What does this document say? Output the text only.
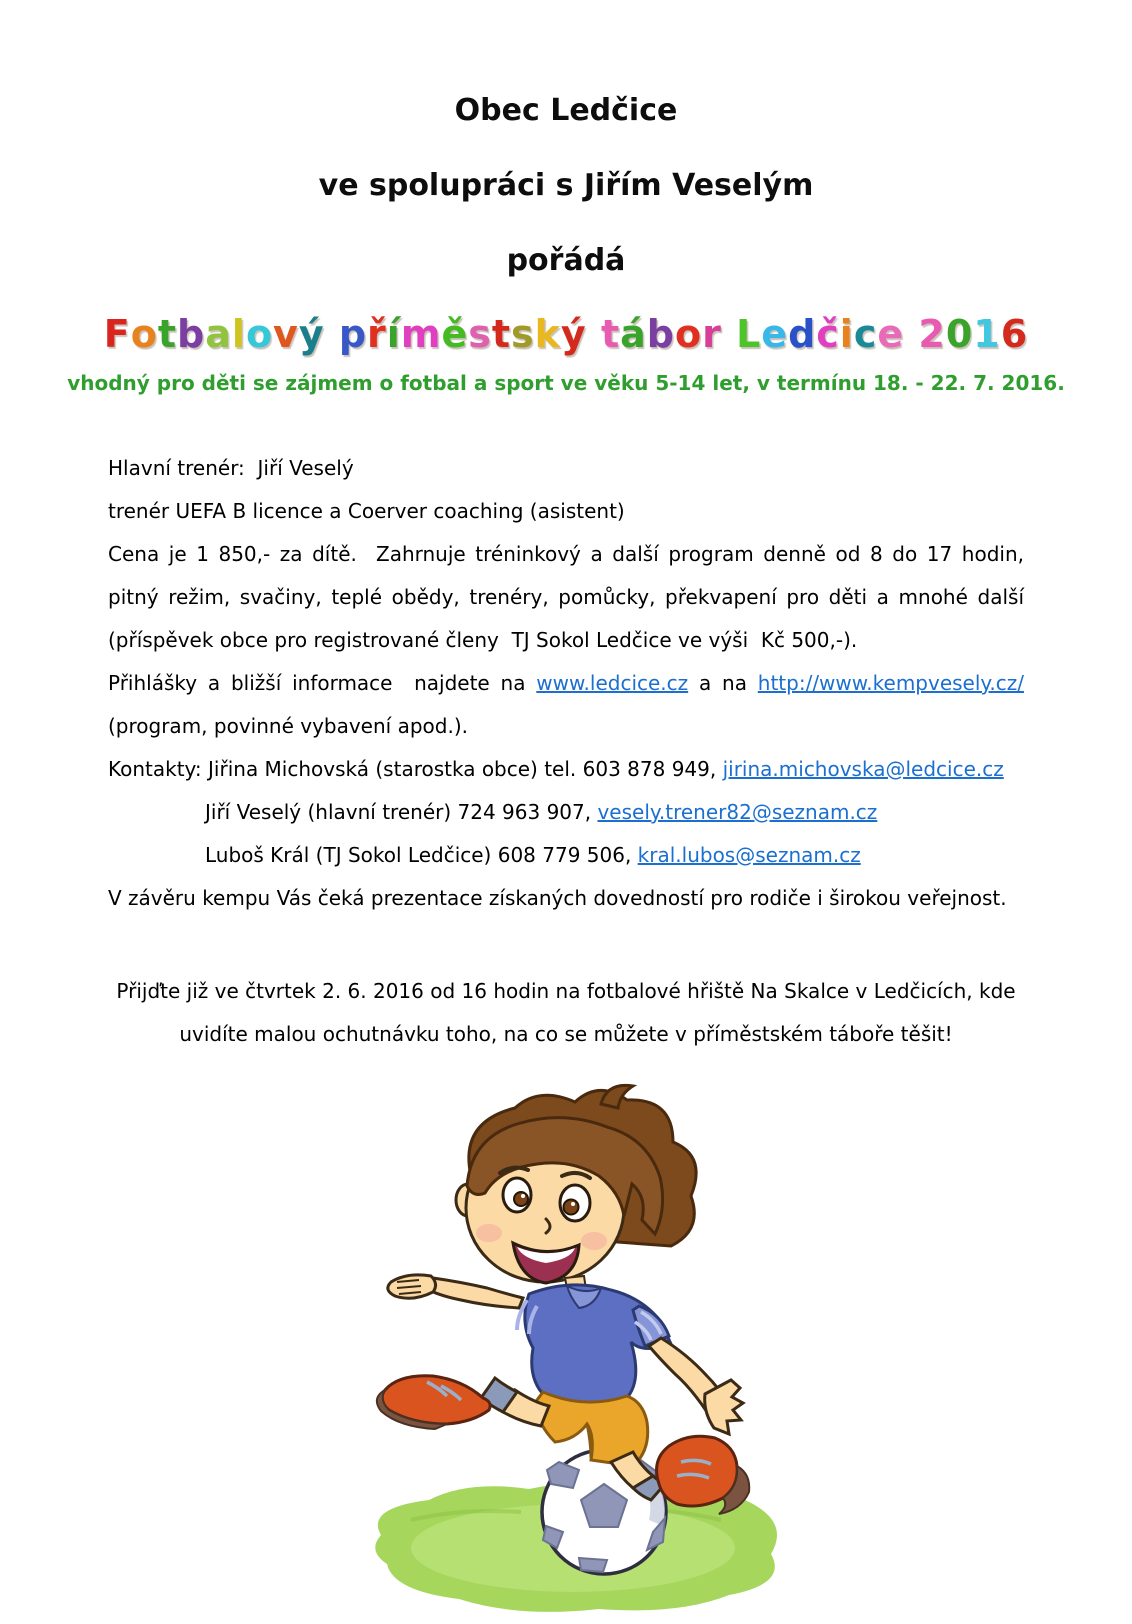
Obec Ledčice
ve spolupráci s Jiřím Veselým
pořádá
Fotbalový příměstský tábor Ledčice 2016
vhodný pro děti se zájmem o fotbal a sport ve věku 5-14 let, v termínu 18. - 22. 7. 2016.
Hlavní trenér:  Jiří Veselý
trenér UEFA B licence a Coerver coaching (asistent)
Cena je 1 850,- za dítě.  Zahrnuje tréninkový a další program denně od 8 do 17 hodin, pitný režim, svačiny, teplé obědy, trenéry, pomůcky, překvapení pro děti a mnohé další (příspěvek obce pro registrované členy  TJ Sokol Ledčice ve výši  Kč 500,-).
Přihlášky a bližší informace  najdete na www.ledcice.cz a na http://www.kempvesely.cz/ (program, povinné vybavení apod.).
Kontakty: Jiřina Michovská (starostka obce) tel. 603 878 949, jirina.michovska@ledcice.cz
Jiří Veselý (hlavní trenér) 724 963 907, vesely.trener82@seznam.cz
Luboš Král (TJ Sokol Ledčice) 608 779 506, kral.lubos@seznam.cz
V závěru kempu Vás čeká prezentace získaných dovedností pro rodiče i širokou veřejnost.
Přijďte již ve čtvrtek 2. 6. 2016 od 16 hodin na fotbalové hřiště Na Skalce v Ledčicích, kde uvidíte malou ochutnávku toho, na co se můžete v příměstském táboře těšit!
